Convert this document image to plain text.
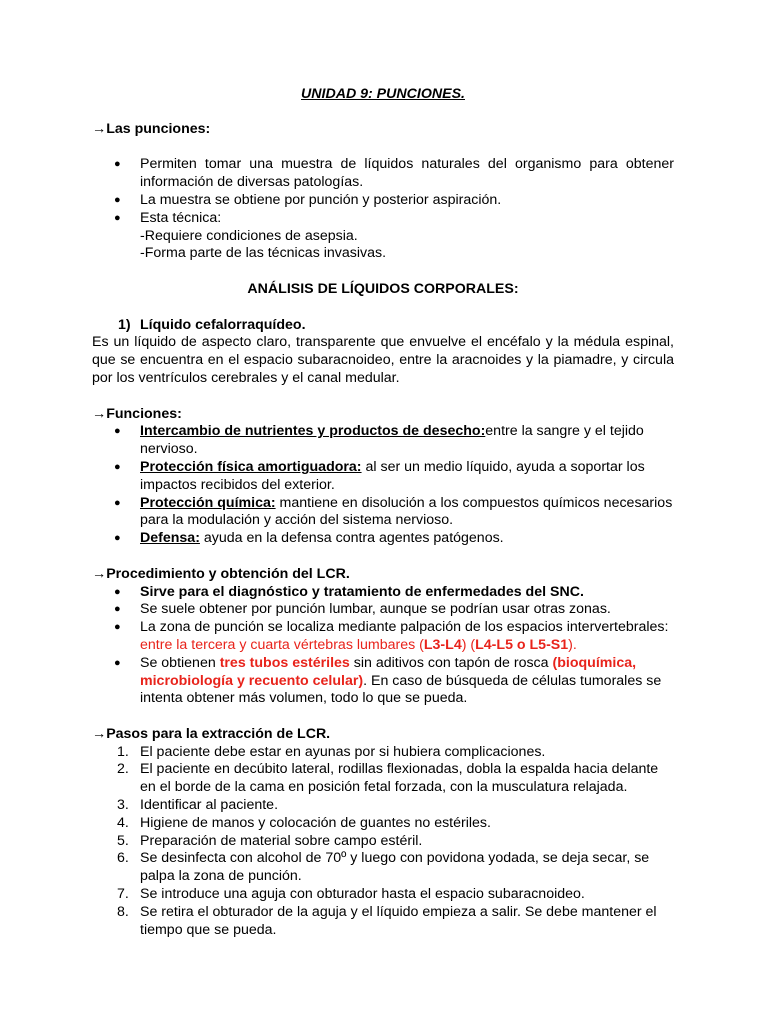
UNIDAD 9: PUNCIONES.

→Las punciones:

● Permiten tomar una muestra de líquidos naturales del organismo para obtener información de diversas patologías.
● La muestra se obtiene por punción y posterior aspiración.
● Esta técnica:
-Requiere condiciones de asepsia.
-Forma parte de las técnicas invasivas.

ANÁLISIS DE LÍQUIDOS CORPORALES:

1) Líquido cefalorraquídeo.

Es un líquido de aspecto claro, transparente que envuelve el encéfalo y la médula espinal, que se encuentra en el espacio subaracnoideo, entre la aracnoides y la piamadre, y circula por los ventrículos cerebrales y el canal medular.

→Funciones:

● Intercambio de nutrientes y productos de desecho:entre la sangre y el tejido nervioso.
● Protección física amortiguadora: al ser un medio líquido, ayuda a soportar los impactos recibidos del exterior.
● Protección química: mantiene en disolución a los compuestos químicos necesarios para la modulación y acción del sistema nervioso.
● Defensa: ayuda en la defensa contra agentes patógenos.

→Procedimiento y obtención del LCR.

● Sirve para el diagnóstico y tratamiento de enfermedades del SNC.
● Se suele obtener por punción lumbar, aunque se podrían usar otras zonas.
● La zona de punción se localiza mediante palpación de los espacios intervertebrales: entre la tercera y cuarta vértebras lumbares (L3-L4) (L4-L5 o L5-S1).
● Se obtienen tres tubos estériles sin aditivos con tapón de rosca (bioquímica, microbiología y recuento celular). En caso de búsqueda de células tumorales se intenta obtener más volumen, todo lo que se pueda.

→Pasos para la extracción de LCR.

1. El paciente debe estar en ayunas por si hubiera complicaciones.
2. El paciente en decúbito lateral, rodillas flexionadas, dobla la espalda hacia delante en el borde de la cama en posición fetal forzada, con la musculatura relajada.
3. Identificar al paciente.
4. Higiene de manos y colocación de guantes no estériles.
5. Preparación de material sobre campo estéril.
6. Se desinfecta con alcohol de 70º y luego con povidona yodada, se deja secar, se palpa la zona de punción.
7. Se introduce una aguja con obturador hasta el espacio subaracnoideo.
8. Se retira el obturador de la aguja y el líquido empieza a salir. Se debe mantener el tiempo que se pueda.
